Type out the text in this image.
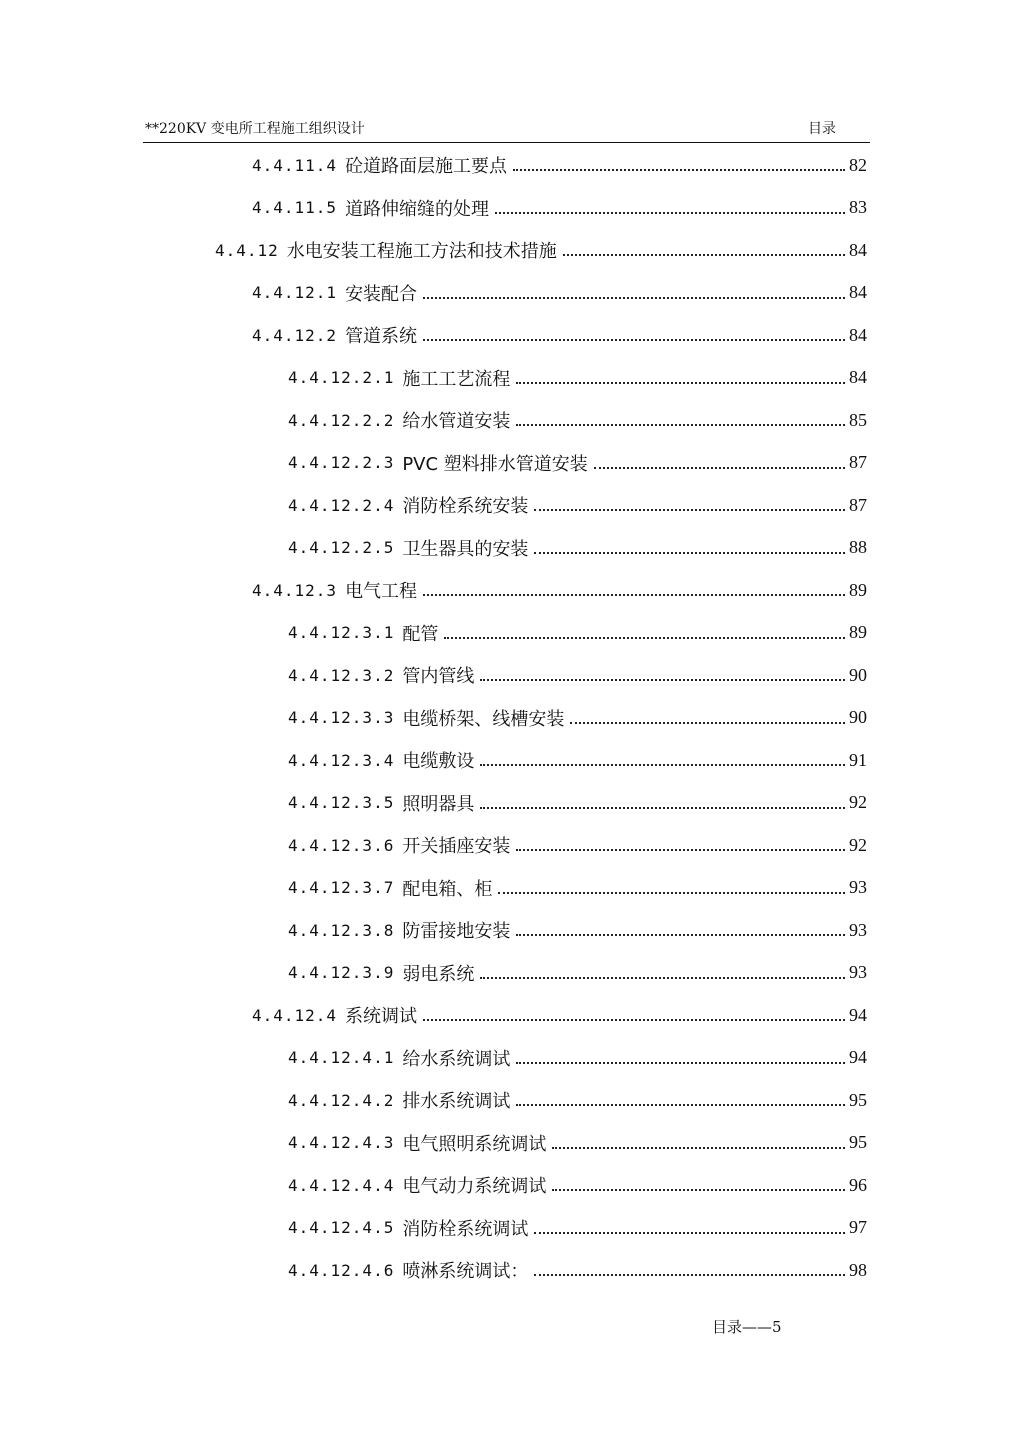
**220KV 变电所工程施工组织设计	目录
4.4.11.4 砼道路面层施工要点	82
4.4.11.5 道路伸缩缝的处理	83
4.4.12 水电安装工程施工方法和技术措施	84
4.4.12.1 安装配合	84
4.4.12.2 管道系统	84
4.4.12.2.1 施工工艺流程	84
4.4.12.2.2 给水管道安装	85
4.4.12.2.3 PVC 塑料排水管道安装	87
4.4.12.2.4 消防栓系统安装	87
4.4.12.2.5 卫生器具的安装	88
4.4.12.3 电气工程	89
4.4.12.3.1 配管	89
4.4.12.3.2 管内管线	90
4.4.12.3.3 电缆桥架、线槽安装	90
4.4.12.3.4 电缆敷设	91
4.4.12.3.5 照明器具	92
4.4.12.3.6 开关插座安装	92
4.4.12.3.7 配电箱、柜	93
4.4.12.3.8 防雷接地安装	93
4.4.12.3.9 弱电系统	93
4.4.12.4 系统调试	94
4.4.12.4.1 给水系统调试	94
4.4.12.4.2 排水系统调试	95
4.4.12.4.3 电气照明系统调试	95
4.4.12.4.4 电气动力系统调试	96
4.4.12.4.5 消防栓系统调试	97
4.4.12.4.6 喷淋系统调试：	98
目录——5
